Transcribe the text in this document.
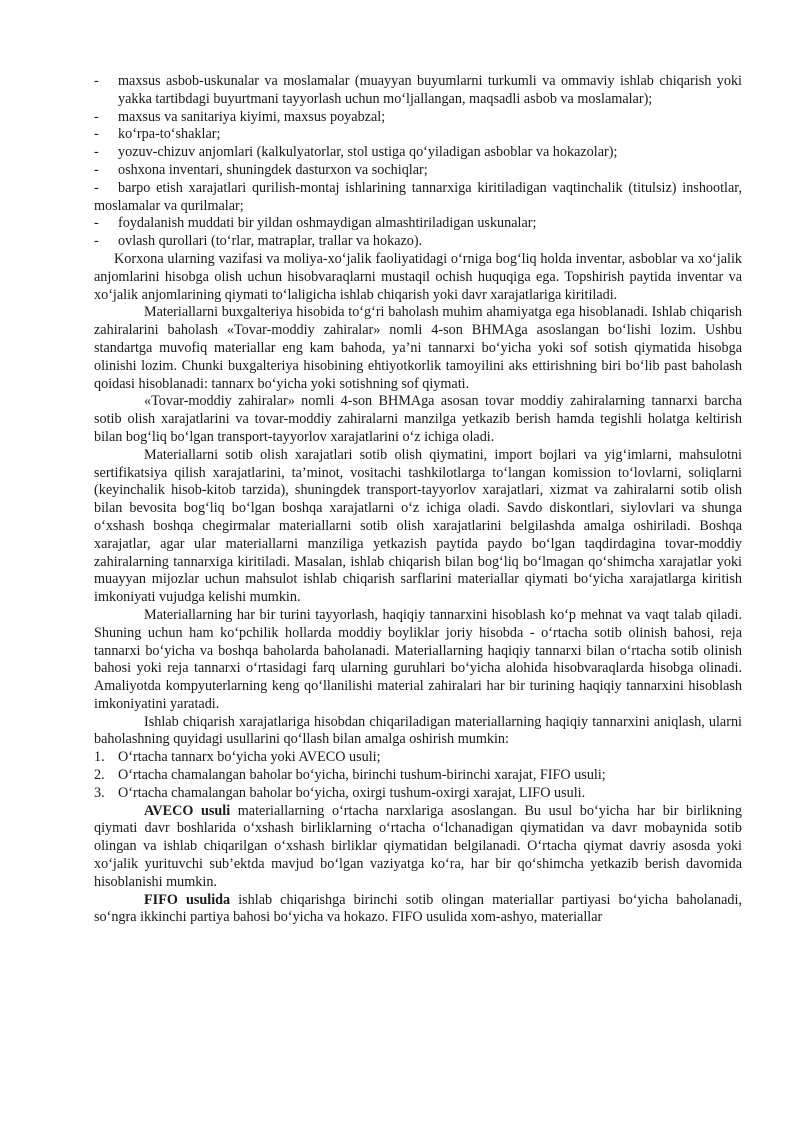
-	maxsus asbob-uskunalar va moslamalar (muayyan buyumlarni turkumli va ommaviy ishlab chiqarish yoki yakka tartibdagi buyurtmani tayyorlash uchun mo‘ljallangan, maqsadli asbob va moslamalar);
-	maxsus va sanitariya kiyimi, maxsus poyabzal;
-	ko‘rpa-to‘shaklar;
-	yozuv-chizuv anjomlari (kalkulyatorlar, stol ustiga qo‘yiladigan asboblar va hokazolar);
-	oshxona inventari, shuningdek dasturxon va sochiqlar;

- barpo etish xarajatlari qurilish-montaj ishlarining tannarxiga kiritiladigan vaqtinchalik (titulsiz) inshootlar, moslamalar va qurilmalar;

-	foydalanish muddati bir yildan oshmaydigan almashtiriladigan uskunalar;
-	ovlash qurollari (to‘rlar, matraplar, trallar va hokazo).

Korxona ularning vazifasi va moliya-xo‘jalik faoliyatidagi o‘rniga bog‘liq holda inventar, asboblar va xo‘jalik anjomlarini hisobga olish uchun hisobvaraqlarni mustaqil ochish huquqiga ega. Topshirish paytida inventar va xo‘jalik anjomlarining qiymati to‘laligicha ishlab chiqarish yoki davr xarajatlariga kiritiladi.

Materiallarni buxgalteriya hisobida to‘g‘ri baholash muhim ahamiyatga ega hisoblanadi. Ishlab chiqarish zahiralarini baholash «Tovar-moddiy zahiralar» nomli 4-son BHMAga asoslangan bo‘lishi lozim. Ushbu standartga muvofiq materiallar eng kam bahoda, ya’ni tannarxi bo‘yicha yoki sof sotish qiymatida hisobga olinishi lozim. Chunki buxgalteriya hisobining ehtiyotkorlik tamoyilini aks ettirishning biri bo‘lib past baholash qoidasi hisoblanadi: tannarx bo‘yicha yoki sotishning sof qiymati.

«Tovar-moddiy zahiralar» nomli 4-son BHMAga asosan tovar moddiy zahiralarning tannarxi barcha sotib olish xarajatlarini va tovar-moddiy zahiralarni manzilga yetkazib berish hamda tegishli holatga keltirish bilan bog‘liq bo‘lgan transport-tayyorlov xarajatlarini o‘z ichiga oladi.

Materiallarni sotib olish xarajatlari sotib olish qiymatini, import bojlari va yig‘imlarni, mahsulotni sertifikatsiya qilish xarajatlarini, ta’minot, vositachi tashkilotlarga to‘langan komission to‘lovlarni, soliqlarni (keyinchalik hisob-kitob tarzida), shuningdek transport-tayyorlov xarajatlari, xizmat va zahiralarni sotib olish bilan bevosita bog‘liq bo‘lgan boshqa xarajatlarni o‘z ichiga oladi. Savdo diskontlari, siylovlari va shunga o‘xshash boshqa chegirmalar materiallarni sotib olish xarajatlarini belgilashda amalga oshiriladi. Boshqa xarajatlar, agar ular materiallarni manziliga yetkazish paytida paydo bo‘lgan taqdirdagina tovar-moddiy zahiralarning tannarxiga kiritiladi. Masalan, ishlab chiqarish bilan bog‘liq bo‘lmagan qo‘shimcha xarajatlar yoki muayyan mijozlar uchun mahsulot ishlab chiqarish sarflarini materiallar qiymati bo‘yicha xarajatlarga kiritish imkoniyati vujudga kelishi mumkin.

Materiallarning har bir turini tayyorlash, haqiqiy tannarxini hisoblash ko‘p mehnat va vaqt talab qiladi. Shuning uchun ham ko‘pchilik hollarda moddiy boyliklar joriy hisobda - o‘rtacha sotib olinish bahosi, reja tannarxi bo‘yicha va boshqa baholarda baholanadi. Materiallarning haqiqiy tannarxi bilan o‘rtacha sotib olinish bahosi yoki reja tannarxi o‘rtasidagi farq ularning guruhlari bo‘yicha alohida hisobvaraqlarda hisobga olinadi. Amaliyotda kompyuterlarning keng qo‘llanilishi material zahiralari har bir turining haqiqiy tannarxini hisoblash imkoniyatini yaratadi.

Ishlab chiqarish xarajatlariga hisobdan chiqariladigan materiallarning haqiqiy tannarxini aniqlash, ularni baholashning quyidagi usullarini qo‘llash bilan amalga oshirish mumkin:

1. O‘rtacha tannarx bo‘yicha yoki AVECO usuli;
2. O‘rtacha chamalangan baholar bo‘yicha, birinchi tushum-birinchi xarajat, FIFO usuli;
3. O‘rtacha chamalangan baholar bo‘yicha, oxirgi tushum-oxirgi xarajat, LIFO usuli.

AVECO usuli materiallarning o‘rtacha narxlariga asoslangan. Bu usul bo‘yicha har bir birlikning qiymati davr boshlarida o‘xshash birliklarning o‘rtacha o‘lchanadigan qiymatidan va davr mobaynida sotib olingan va ishlab chiqarilgan o‘xshash birliklar qiymatidan belgilanadi. O‘rtacha qiymat davriy asosda yoki xo‘jalik yurituvchi sub’ektda mavjud bo‘lgan vaziyatga ko‘ra, har bir qo‘shimcha yetkazib berish davomida hisoblanishi mumkin.

FIFO usulida ishlab chiqarishga birinchi sotib olingan materiallar partiyasi bo‘yicha baholanadi, so‘ngra ikkinchi partiya bahosi bo‘yicha va hokazo. FIFO usulida xom-ashyo, materiallar
